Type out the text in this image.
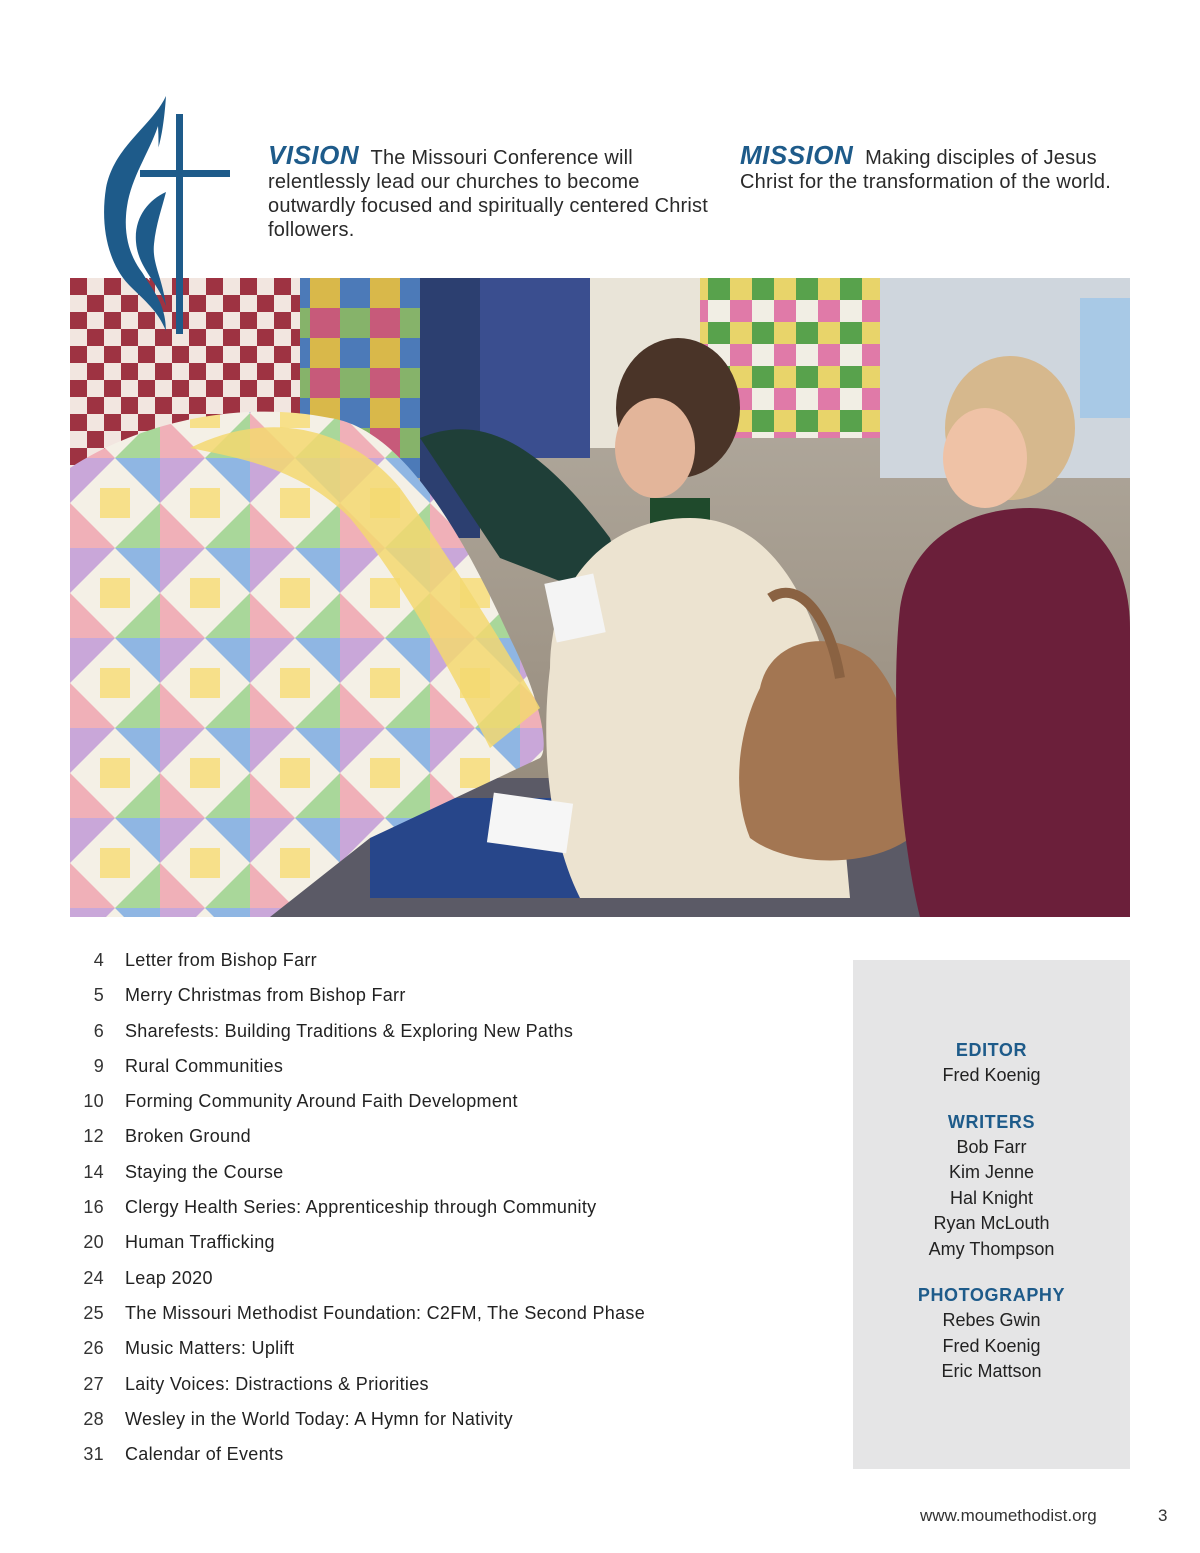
VISION The Missouri Conference will relentlessly lead our churches to become outwardly focused and spiritually centered Christ followers.
MISSION Making disciples of Jesus Christ for the transformation of the world.
4 Letter from Bishop Farr
5 Merry Christmas from Bishop Farr
6 Sharefests: Building Traditions & Exploring New Paths
9 Rural Communities
10 Forming Community Around Faith Development
12 Broken Ground
14 Staying the Course
16 Clergy Health Series: Apprenticeship through Community
20 Human Trafficking
24 Leap 2020
25 The Missouri Methodist Foundation: C2FM, The Second Phase
26 Music Matters: Uplift
27 Laity Voices: Distractions & Priorities
28 Wesley in the World Today: A Hymn for Nativity
31 Calendar of Events
EDITOR
Fred Koenig
WRITERS
Bob Farr
Kim Jenne
Hal Knight
Ryan McLouth
Amy Thompson
PHOTOGRAPHY
Rebes Gwin
Fred Koenig
Eric Mattson
www.moumethodist.org	3
